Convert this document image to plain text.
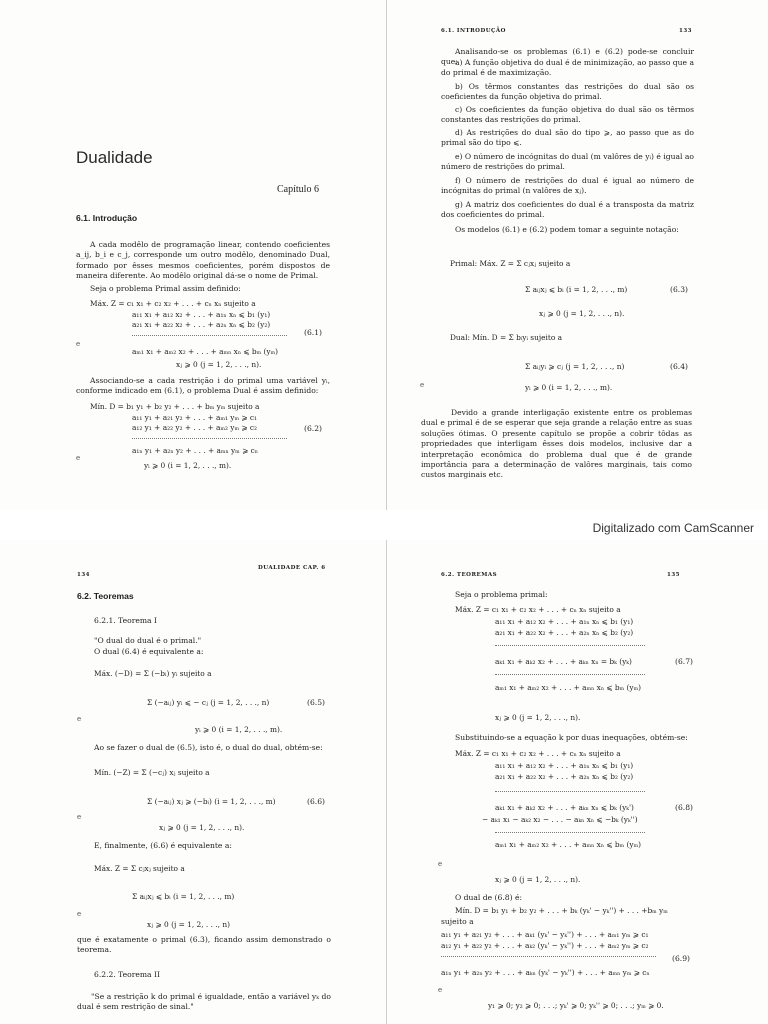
Dualidade
Capítulo 6
6.1. Introdução
A cada modêlo de programação linear, contendo coeficientes a_ij, b_i e c_j, corresponde um outro modêlo, denominado Dual, formado por êsses mesmos coeficientes, porém dispostos de maneira diferente. Ao modêlo original dá-se o nome de Primal.
Seja o problema Primal assim definido:
Máx. Z = c₁ x₁ + c₂ x₂ + . . . + cₙ xₙ sujeito a
a₁₁ x₁ + a₁₂ x₂ + . . . + a₁ₙ xₙ ⩽ b₁ (y₁)
a₂₁ x₁ + a₂₂ x₂ + . . . + a₂ₙ xₙ ⩽ b₂ (y₂)
(6.1)
aₘ₁ x₁ + aₘ₂ x₂ + . . . + aₘₙ xₙ ⩽ bₘ (yₘ)
xⱼ ⩾ 0 (j = 1, 2, . . ., n).
Associando-se a cada restrição i do primal uma variável yᵢ, conforme indicado em (6.1), o problema Dual é assim definido:
Mín. D = b₁ y₁ + b₂ y₂ + . . . + bₘ yₘ sujeito a
a₁₁ y₁ + a₂₁ y₂ + . . . + aₘ₁ yₘ ⩾ c₁
a₁₂ y₁ + a₂₂ y₂ + . . . + aₘ₂ yₘ ⩾ c₂	(6.2)
a₁ₙ y₁ + a₂ₙ y₂ + . . . + aₘₙ yₘ ⩾ cₙ
yᵢ ⩾ 0 (i = 1, 2, . . ., m).
e
e
6.1. INTRODUÇÃO	133
Analisando-se os problemas (6.1) e (6.2) pode-se concluir que:
a) A função objetiva do dual é de minimização, ao passo que a do primal é de maximização.
b) Os têrmos constantes das restrições do dual são os coeficientes da função objetiva do primal.
c) Os coeficientes da função objetiva do dual são os têrmos constantes das restrições do primal.
d) As restrições do dual são do tipo ⩾, ao passo que as do primal são do tipo ⩽.
e) O número de incógnitas do dual (m valôres de yᵢ) é igual ao número de restrições do primal.
f) O número de restrições do dual é igual ao número de incógnitas do primal (n valôres de xⱼ).
g) A matriz dos coeficientes do dual é a transposta da matriz dos coeficientes do primal.
Os modelos (6.1) e (6.2) podem tomar a seguinte notação:
Primal: Máx. Z = Σ cⱼxⱼ sujeito a
Σ aᵢⱼxⱼ ⩽ bᵢ (i = 1, 2, . . ., m)	(6.3)
xⱼ ⩾ 0 (j = 1, 2, . . ., n).
Dual: Mín. D = Σ bᵢyᵢ sujeito a
Σ aᵢⱼyᵢ ⩾ cⱼ (j = 1, 2, . . ., n)	(6.4)
yᵢ ⩾ 0 (i = 1, 2, . . ., m).
Devido a grande interligação existente entre os problemas dual e primal é de se esperar que seja grande a relação entre as suas soluções ótimas. O presente capítulo se propõe a cobrir tôdas as propriedades que interligam êsses dois modelos, inclusive dar a interpretação econômica do problema dual que é de grande importância para a determinação de valôres marginais, tais como custos marginais etc.
e
Digitalizado com CamScanner
134
DUALIDADE CAP. 6
6.2. Teoremas
6.2.1. Teorema I
"O dual do dual é o primal."
O dual (6.4) é equivalente a:
Máx. (−D) = Σ (−bᵢ) yᵢ sujeito a
Σ (−aᵢⱼ) yᵢ ⩽ − cⱼ (j = 1, 2, . . ., n)	(6.5)
yᵢ ⩾ 0 (i = 1, 2, . . ., m).
Ao se fazer o dual de (6.5), isto é, o dual do dual, obtém-se:
Mín. (−Z) = Σ (−cⱼ) xⱼ sujeito a
Σ (−aᵢⱼ) xⱼ ⩾ (−bᵢ) (i = 1, 2, . . ., m)	(6.6)
xⱼ ⩾ 0 (j = 1, 2, . . ., n).
E, finalmente, (6.6) é equivalente a:
Máx. Z = Σ cⱼxⱼ sujeito a
Σ aᵢⱼxⱼ ⩽ bᵢ (i = 1, 2, . . ., m)
xⱼ ⩾ 0 (j = 1, 2, . . ., n)
que é exatamente o primal (6.3), ficando assim demonstrado o teorema.
6.2.2. Teorema II
"Se a restrição k do primal é igualdade, então a variável yₖ do dual é sem restrição de sinal."
e
e
e
6.2. TEOREMAS	135
Seja o problema primal:
Máx. Z = c₁ x₁ + c₂ x₂ + . . . + cₙ xₙ sujeito a
a₁₁ x₁ + a₁₂ x₂ + . . . + a₁ₙ xₙ ⩽ b₁ (y₁)
a₂₁ x₁ + a₂₂ x₂ + . . . + a₂ₙ xₙ ⩽ b₂ (y₂)
aₖ₁ x₁ + aₖ₂ x₂ + . . . + aₖₙ xₙ = bₖ (yₖ)	(6.7)
aₘ₁ x₁ + aₘ₂ x₂ + . . . + aₘₙ xₙ ⩽ bₘ (yₘ)
xⱼ ⩾ 0 (j = 1, 2, . . ., n).
Substituindo-se a equação k por duas inequações, obtém-se:
Máx. Z = c₁ x₁ + c₂ x₂ + . . . + cₙ xₙ sujeito a
a₁₁ x₁ + a₁₂ x₂ + . . . + a₁ₙ xₙ ⩽ b₁ (y₁)
a₂₁ x₁ + a₂₂ x₂ + . . . + a₂ₙ xₙ ⩽ b₂ (y₂)
aₖ₁ x₁ + aₖ₂ x₂ + . . . + aₖₙ xₙ ⩽ bₖ (yₖ')	(6.8)
− aₖ₁ x₁ − aₖ₂ x₂ − . . . − aₖₙ xₙ ⩽ −bₖ (yₖ'')
aₘ₁ x₁ + aₘ₂ x₂ + . . . + aₘₙ xₙ ⩽ bₘ (yₘ)
xⱼ ⩾ 0 (j = 1, 2, . . ., n).
O dual de (6.8) é:
Mín. D = b₁ y₁ + b₂ y₂ + . . . + bₖ (yₖ' − yₖ'') + . . . +bₘ yₘ
sujeito a
a₁₁ y₁ + a₂₁ y₂ + . . . + aₖ₁ (yₖ' − yₖ'') + . . . + aₘ₁ yₘ ⩾ c₁
a₁₂ y₁ + a₂₂ y₂ + . . . + aₖ₂ (yₖ' − yₖ'') + . . . + aₘ₂ yₘ ⩾ c₂
(6.9)
a₁ₙ y₁ + a₂ₙ y₂ + . . . + aₖₙ (yₖ' − yₖ'') + . . . + aₘₙ yₘ ⩾ cₙ
y₁ ⩾ 0; y₂ ⩾ 0; . . .; yₖ' ⩾ 0; yₖ'' ⩾ 0; . . .; yₘ ⩾ 0.
e
e
